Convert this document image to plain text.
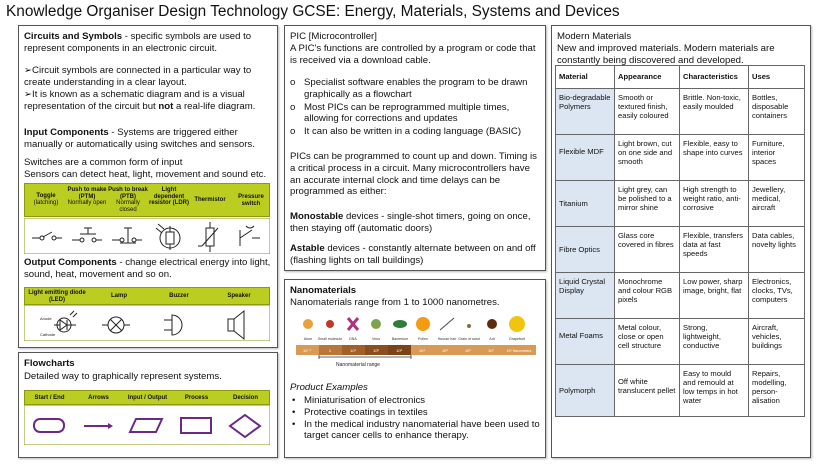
Knowledge Organiser Design Technology GCSE: Energy, Materials, Systems and Devices
Circuits and Symbols - specific symbols are used to represent components in an electronic circuit.
➢Circuit symbols are connected in a particular way to create understanding in a clear layout.
➢It is known as a schematic diagram and is a visual representation of the circuit but not a real-life diagram.
Input Components - Systems are triggered either manually or automatically using switches and sensors.
Switches are a common form of input
Sensors can detect heat, light, movement and sound etc.
Toggle
(latching)
Push to make (PTM)
Normally open
Push to break (PTB)
Normally closed
Light dependent resistor (LDR)
Thermistor	Pressure switch
Output Components - change electrical energy into light, sound, heat, movement and so on.
Light emitting diode (LED)
Lamp	Buzzer	Speaker
Anode
Cathode
Flowcharts
Detailed way to graphically represent systems.
Start / End	Arrows	Input / Output	Process	Decision
PIC [Microcontroller]
A PIC's functions are controlled by a program or code that is received via a download cable.
o Specialist software enables the program to be drawn graphically as a flowchart
o Most PICs can be reprogrammed multiple times, allowing for corrections and updates
o It can also be written in a coding language (BASIC)
PICs can be programmed to count up and down. Timing is a critical process in a circuit. Many microcontrollers have an accurate internal clock and time delays can be programmed as either:
Monostable devices - single-shot timers, going on once, then staying off (automatic doors)
Astable devices - constantly alternate between on and off (flashing lights on tall buildings)
Nanomaterials
Nanomaterials range from 1 to 1000 nanometres.
Atom Small molecule DNA	Virus	Bacterium	Pollen	Human hair Grain of sand	Ant	Grapefruit
10⁻¹	1	10¹	10²	10³	10⁴	10⁵	10⁶	10⁷	10⁸ Nanometers
Nanomaterial range
Product Examples
• Miniaturisation of electronics
• Protective coatings in textiles
• In the medical industry nanomaterial have been used to target cancer cells to enhance therapy.
Modern Materials
New and improved materials. Modern materials are constantly being discovered and developed.
Material	Appearance	Characteristics	Uses
Bio-degradable Polymers	Smooth or textured finish, easily coloured	Brittle. Non-toxic, easily moulded	Bottles, disposable containers
Flexible MDF	Light brown, cut on one side and smooth	Flexible, easy to shape into curves	Furniture, interior spaces
Titanium	Light grey, can be polished to a mirror shine	High strength to weight ratio, anti-corrosive	Jewellery, medical, aircraft
Fibre Optics	Glass core covered in fibres	Flexible, transfers data at fast speeds	Data cables, novelty lights
Liquid Crystal Display	Monochrome and colour RGB pixels	Low power, sharp image, bright, flat	Electronics, clocks, TVs, computers
Metal Foams	Metal colour, close or open cell structure	Strong, lightweight, conductive	Aircraft, vehicles, buildings
Polymorph	Off white translucent pellet	Easy to mould and remould at low temps in hot water	Repairs, modelling, person-alisation
